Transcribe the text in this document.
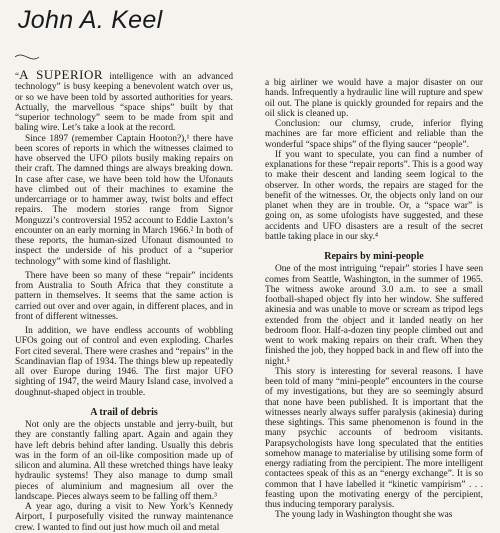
John A. Keel

“A SUPERIOR intelligence with an advanced technology” is busy keeping a benevolent watch over us, or so we have been told by assorted authorities for years. Actually, the marvellous “space ships” built by that “superior technology” seem to be made from spit and baling wire. Let’s take a look at the record.

Since 1897 (remember Captain Hooton?),¹ there have been scores of reports in which the witnesses claimed to have observed the UFO pilots busily making repairs on their craft. The damned things are always breaking down. In case after case, we have been told how the Ufonauts have climbed out of their machines to examine the undercarriage or to hammer away, twist bolts and effect repairs. The modern stories range from Signor Monguzzi’s controversial 1952 account to Eddie Laxton’s encounter on an early morning in March 1966.² In both of these reports, the human-sized Ufonaut dismounted to inspect the underside of his product of a “superior technology” with some kind of flashlight.

There have been so many of these “repair” incidents from Australia to South Africa that they constitute a pattern in themselves. It seems that the same action is carried out over and over again, in different places, and in front of different witnesses.

In addition, we have endless accounts of wobbling UFOs going out of control and even exploding. Charles Fort cited several. There were crashes and “repairs” in the Scandinavian flap of 1934. The things blew up repeatedly all over Europe during 1946. The first major UFO sighting of 1947, the weird Maury Island case, involved a doughnut-shaped object in trouble.

A trail of debris

Not only are the objects unstable and jerry-built, but they are constantly falling apart. Again and again they have left debris behind after landing. Usually this debris was in the form of an oil-like composition made up of silicon and alumina. All these wretched things have leaky hydraulic systems! They also manage to dump small pieces of aluminium and magnesium all over the landscape. Pieces always seem to be falling off them.³

A year ago, during a visit to New York’s Kennedy Airport, I purposefully visited the runway maintenance crew. I wanted to find out just how much oil and metal

a big airliner we would have a major disaster on our hands. Infrequently a hydraulic line will rupture and spew oil out. The plane is quickly grounded for repairs and the oil slick is cleaned up.

Conclusion: our clumsy, crude, inferior flying machines are far more efficient and reliable than the wonderful “space ships” of the flying saucer “people”.

If you want to speculate, you can find a number of explanations for these “repair reports”. This is a good way to make their descent and landing seem logical to the observer. In other words, the repairs are staged for the benefit of the witnesses. Or, the objects only land on our planet when they are in trouble. Or, a “space war” is going on, as some ufologists have suggested, and these accidents and UFO disasters are a result of the secret battle taking place in our sky.⁴

Repairs by mini-people

One of the most intriguing “repair” stories I have seen comes from Seattle, Washington, in the summer of 1965. The witness awoke around 3.0 a.m. to see a small football-shaped object fly into her window. She suffered akinesia and was unable to move or scream as tripod legs extended from the object and it landed neatly on her bedroom floor. Half-a-dozen tiny people climbed out and went to work making repairs on their craft. When they finished the job, they hopped back in and flew off into the night.⁵

This story is interesting for several reasons. I have been told of many “mini-people” encounters in the course of my investigations, but they are so seemingly absurd that none have been published. It is important that the witnesses nearly always suffer paralysis (akinesia) during these sightings. This same phenomenon is found in the many psychic accounts of bedroom visitants. Parapsychologists have long speculated that the entities somehow manage to materialise by utilising some form of energy radiating from the percipient. The more intelligent contactees speak of this as an “energy exchange”. It is so common that I have labelled it “kinetic vampirism” . . . feasting upon the motivating energy of the percipient, thus inducing temporary paralysis.

The young lady in Washington thought she was
